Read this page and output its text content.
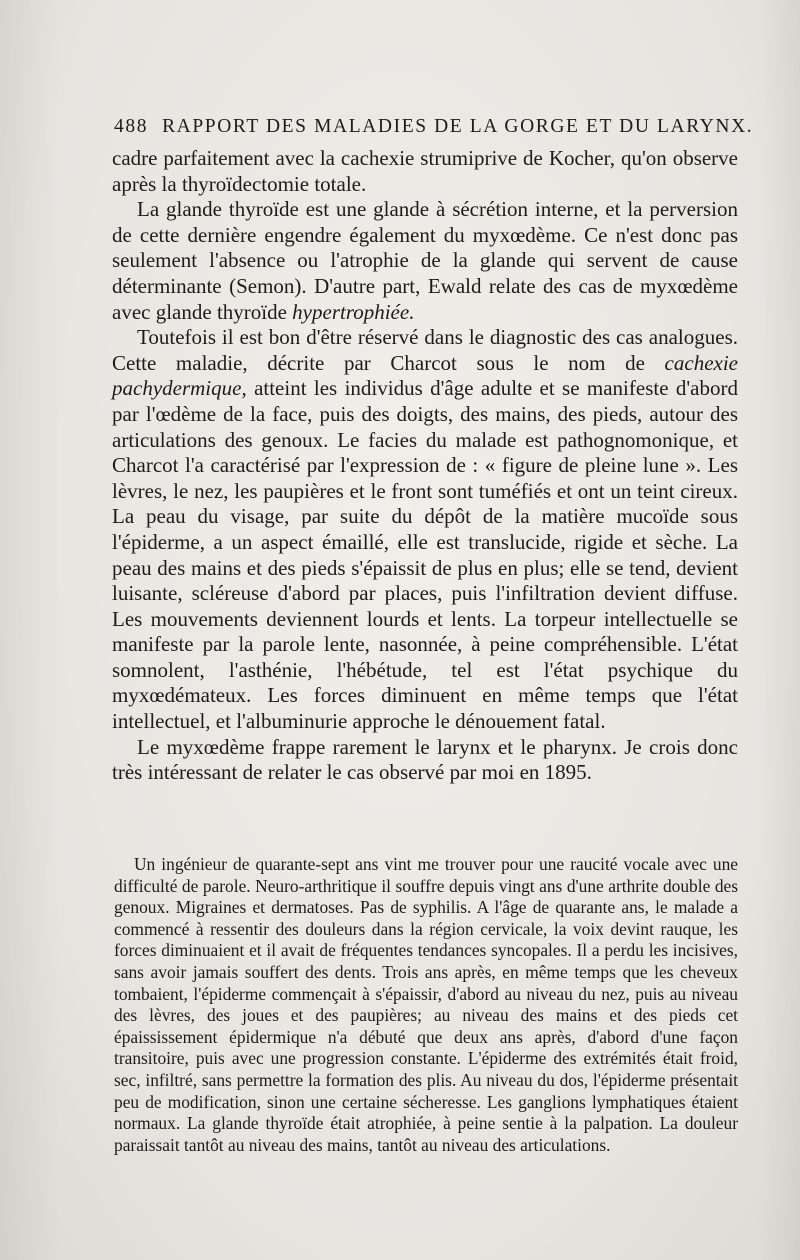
488 RAPPORT DES MALADIES DE LA GORGE ET DU LARYNX.

cadre parfaitement avec la cachexie strumiprive de Kocher, qu'on observe après la thyroïdectomie totale.

La glande thyroïde est une glande à sécrétion interne, et la perversion de cette dernière engendre également du myxœdème. Ce n'est donc pas seulement l'absence ou l'atrophie de la glande qui servent de cause déterminante (Semon). D'autre part, Ewald relate des cas de myxœdème avec glande thyroïde hypertrophiée.

Toutefois il est bon d'être réservé dans le diagnostic des cas analogues. Cette maladie, décrite par Charcot sous le nom de cachexie pachydermique, atteint les individus d'âge adulte et se manifeste d'abord par l'œdème de la face, puis des doigts, des mains, des pieds, autour des articulations des genoux. Le facies du malade est pathognomonique, et Charcot l'a caractérisé par l'expression de : « figure de pleine lune ». Les lèvres, le nez, les paupières et le front sont tuméfiés et ont un teint cireux. La peau du visage, par suite du dépôt de la matière mucoïde sous l'épiderme, a un aspect émaillé, elle est translucide, rigide et sèche. La peau des mains et des pieds s'épaissit de plus en plus; elle se tend, devient luisante, scléreuse d'abord par places, puis l'infiltration devient diffuse. Les mouvements deviennent lourds et lents. La torpeur intellectuelle se manifeste par la parole lente, nasonnée, à peine compréhensible. L'état somnolent, l'asthénie, l'hébétude, tel est l'état psychique du myxœdémateux. Les forces diminuent en même temps que l'état intellectuel, et l'albuminurie approche le dénouement fatal.

Le myxœdème frappe rarement le larynx et le pharynx. Je crois donc très intéressant de relater le cas observé par moi en 1895.

Un ingénieur de quarante-sept ans vint me trouver pour une raucité vocale avec une difficulté de parole. Neuro-arthritique il souffre depuis vingt ans d'une arthrite double des genoux. Migraines et dermatoses. Pas de syphilis. A l'âge de quarante ans, le malade a commencé à ressentir des douleurs dans la région cervicale, la voix devint rauque, les forces diminuaient et il avait de fréquentes tendances syncopales. Il a perdu les incisives, sans avoir jamais souffert des dents. Trois ans après, en même temps que les cheveux tombaient, l'épiderme commençait à s'épaissir, d'abord au niveau du nez, puis au niveau des lèvres, des joues et des paupières; au niveau des mains et des pieds cet épaississement épidermique n'a débuté que deux ans après, d'abord d'une façon transitoire, puis avec une progression constante. L'épiderme des extrémités était froid, sec, infiltré, sans permettre la formation des plis. Au niveau du dos, l'épiderme présentait peu de modification, sinon une certaine sécheresse. Les ganglions lymphatiques étaient normaux. La glande thyroïde était atrophiée, à peine sentie à la palpation. La douleur paraissait tantôt au niveau des mains, tantôt au niveau des articulations.
